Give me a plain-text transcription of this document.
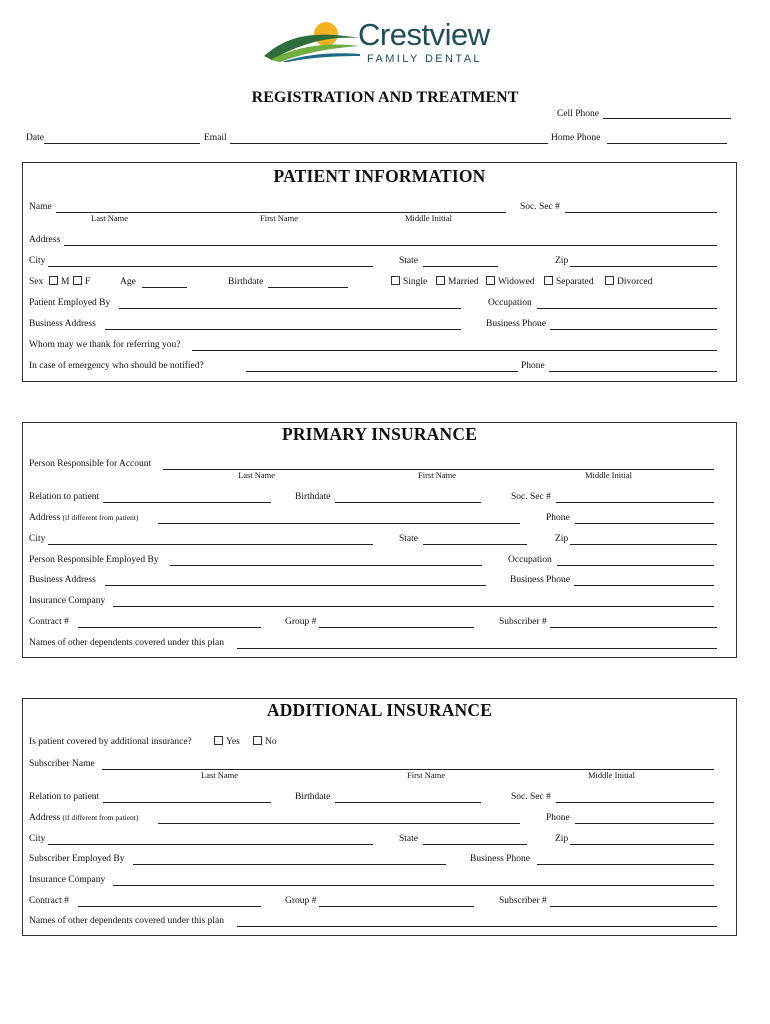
Crestview
FAMILY DENTAL
REGISTRATION AND TREATMENT
Cell Phone
Date	Email	Home Phone
PATIENT INFORMATION
Name	Soc. Sec #
Last Name	First Name	Middle Initial
Address
City	State	Zip
Sex	M	F	Age	Birthdate	Single	Married	Widowed	Separated	Divorced
Patient Employed By	Occupation
Business Address	Business Phone
Whom may we thank for referring you?
In case of emergency who should be notified?	Phone
PRIMARY INSURANCE
Person Responsible for Account
Last Name	First Name	Middle Initial
Relation to patient	Birthdate	Soc. Sec #
Address (if different from patient)	Phone
City	State	Zip
Person Responsible Employed By	Occupation
Business Address	Business Phone
Insurance Company
Contract #	Group #	Subscriber #
Names of other dependents covered under this plan
ADDITIONAL INSURANCE
Is patient covered by additional insurance?	Yes	No
Subscriber Name
Last Name	First Name	Middle Initial
Relation to patient	Birthdate	Soc. Sec #
Address (if different from patient)	Phone
City	State	Zip
Subscriber Employed By	Business Phone
Insurance Company
Contract #	Group #	Subscriber #
Names of other dependents covered under this plan
